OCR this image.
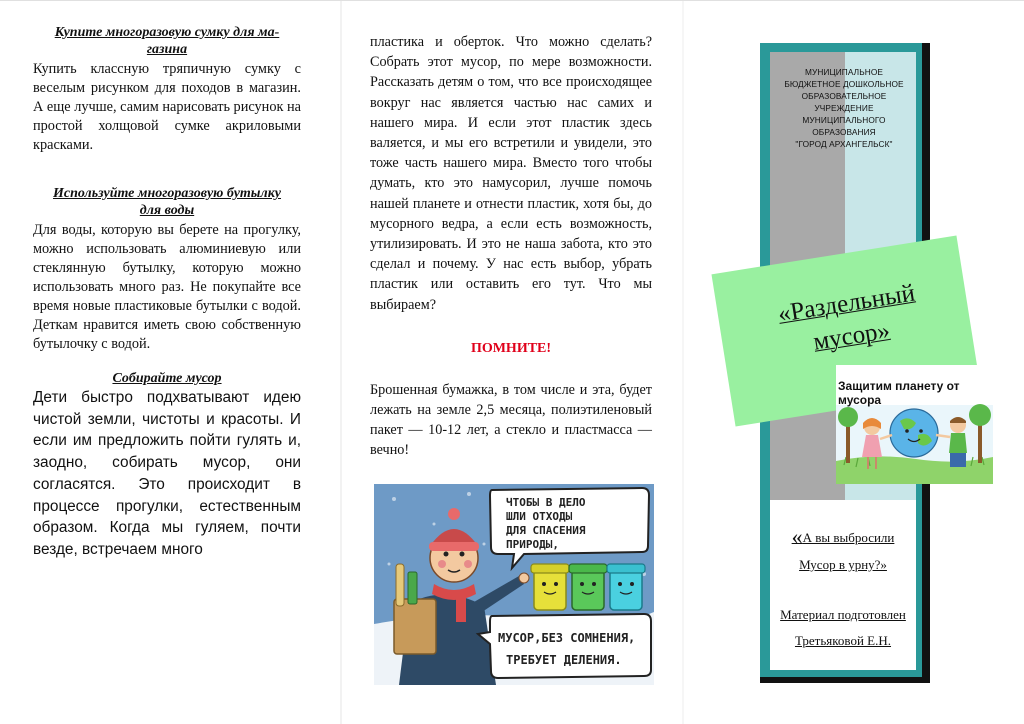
Купите многоразовую сумку для ма-
газина

Купить классную тряпичную сумку с веселым рисунком для походов в магазин. А еще лучше, самим нарисовать рисунок на простой холщовой сумке акриловыми красками.

Используйте многоразовую бутылку
для воды

Для воды, которую вы берете на прогулку, можно использовать алюминиевую или стеклянную бутылку, которую можно использовать много раз. Не покупайте все время новые пластиковые бутылки с водой. Деткам нравится иметь свою собственную бутылочку с водой.

Собирайте мусор

Дети быстро подхватывают идею чистой земли, чистоты и красоты. И если им предложить пойти гулять и, заодно, собирать мусор, они согласятся. Это происходит в процессе прогулки, естественным образом. Когда мы гуляем, почти везде, встречаем много

пластика и оберток. Что можно сделать? Собрать этот мусор, по мере возможности. Рассказать детям о том, что все происходящее вокруг нас является частью нас самих и нашего мира. И если этот пластик здесь валяется, и мы его встретили и увидели, это тоже часть нашего мира. Вместо того чтобы думать, кто это намусорил, лучше помочь нашей планете и отнести пластик, хотя бы, до мусорного ведра, а если есть возможность, утилизировать. И это не наша забота, кто это сделал и почему. У нас есть выбор, убрать пластик или оставить его тут. Что мы выбираем?

ПОМНИТЕ!

Брошенная бумажка, в том числе и эта, будет лежать на земле 2,5 месяца, полиэтиленовый пакет — 10-12 лет, а стекло и пластмасса — вечно!

ЧТОБЫ В ДЕЛО ШЛИ ОТХОДЫ ДЛЯ СПАСЕНИЯ ПРИРОДЫ,
МУСОР,БЕЗ СОМНЕНИЯ, ТРЕБУЕТ ДЕЛЕНИЯ.
МУНИЦИПАЛЬНОЕ
БЮДЖЕТНОЕ ДОШКОЛЬНОЕ
ОБРАЗОВАТЕЛЬНОЕ
УЧРЕЖДЕНИЕ
МУНИЦИПАЛЬНОГО
ОБРАЗОВАНИЯ
"ГОРОД АРХАНГЕЛЬСК"
«Раздельный
мусор»
Защитим планету от мусора
«А вы выбросили
Мусор в урну?»
Материал подготовлен
Третьяковой Е.Н.
